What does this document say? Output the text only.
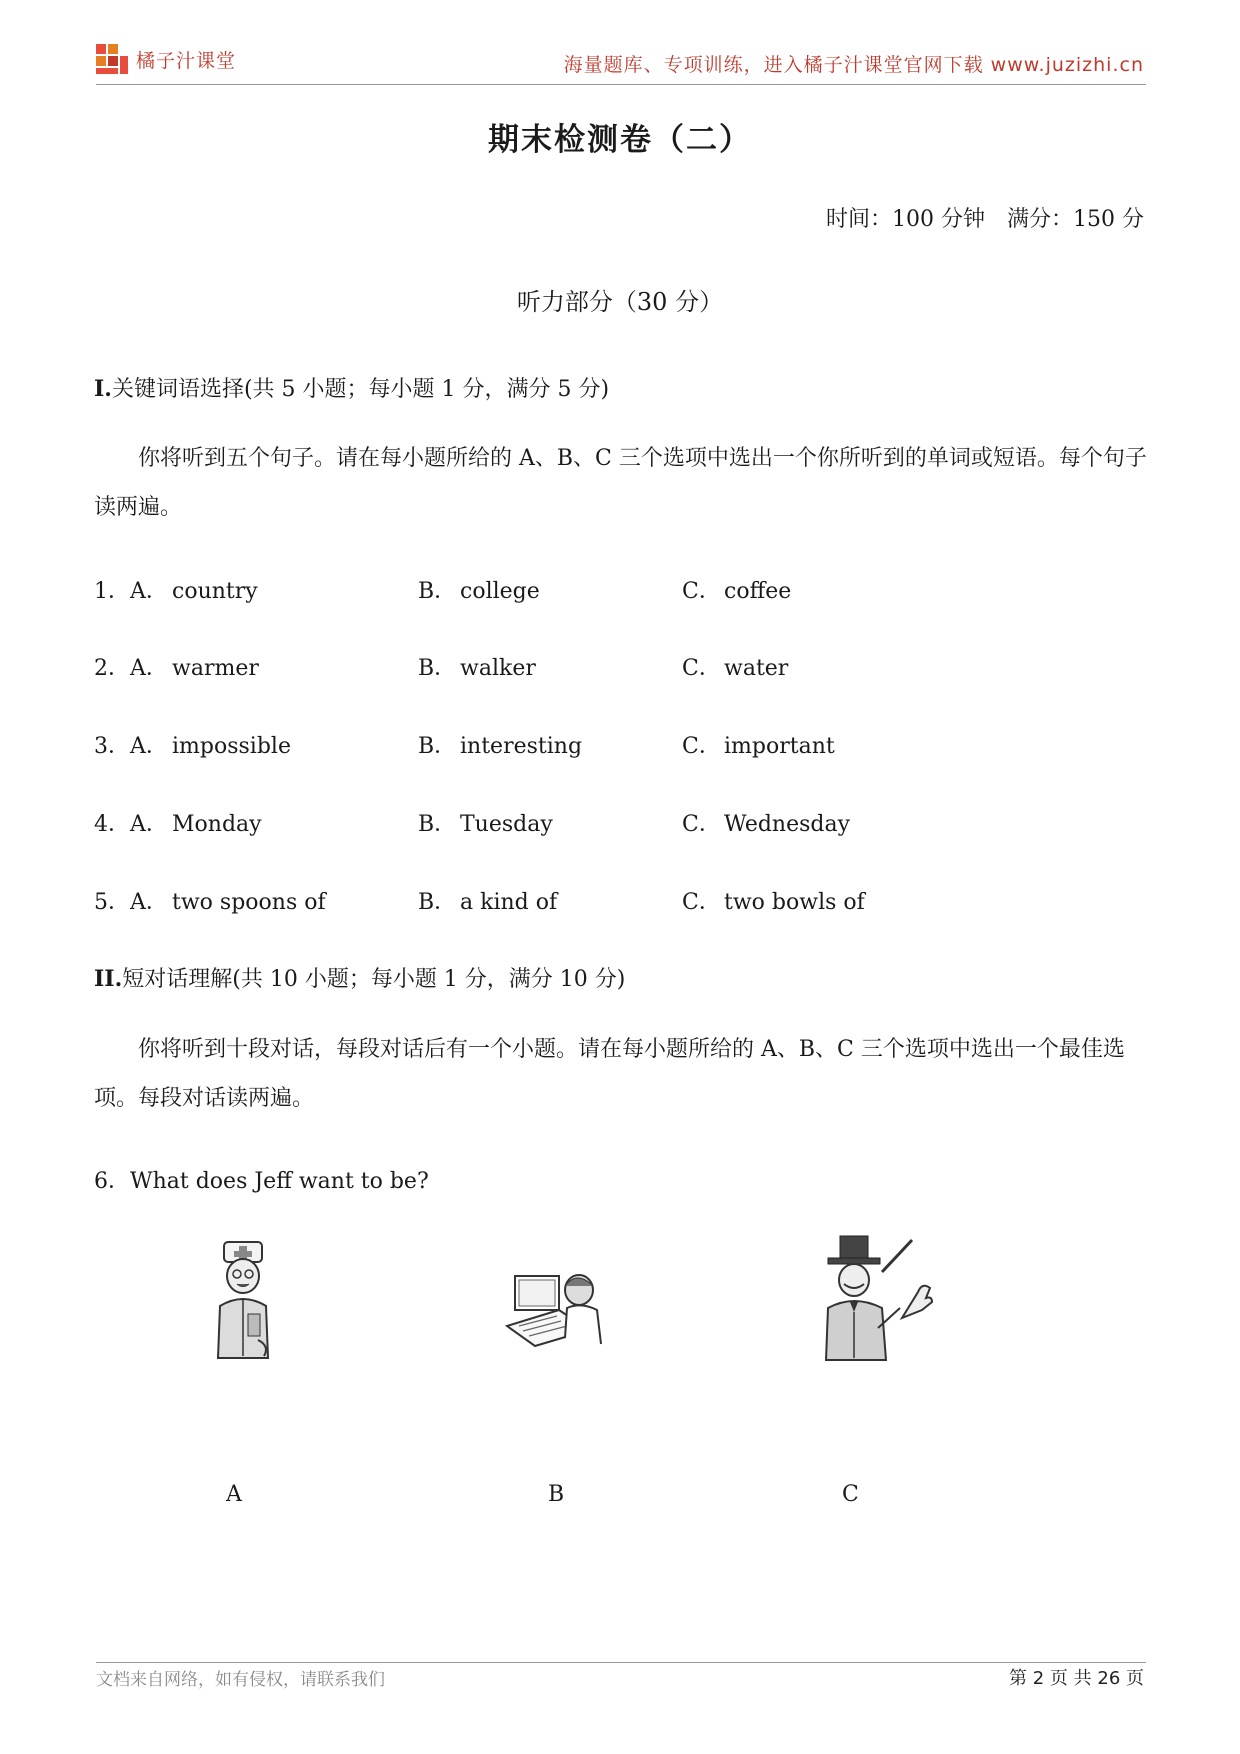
橘子汁课堂	海量题库、专项训练，进入橘子汁课堂官网下载 www.juzizhi.cn
期末检测卷（二）
时间：100 分钟　满分：150 分
听力部分（30 分）
I.关键词语选择(共 5 小题；每小题 1 分，满分 5 分)
你将听到五个句子。请在每小题所给的 A、B、C 三个选项中选出一个你所听到的单词或短语。每个句子读两遍。
1． A． country	B． college	C． coffee
2． A． warmer	B． walker	C． water
3． A． impossible	B． interesting	C． important
4． A． Monday	B． Tuesday	C． Wednesday
5． A． two spoons of	B． a kind of	C． two bowls of
II.短对话理解(共 10 小题；每小题 1 分，满分 10 分)
你将听到十段对话，每段对话后有一个小题。请在每小题所给的 A、B、C 三个选项中选出一个最佳选项。每段对话读两遍。
6．What does Jeff want to be?
A	B	C
文档来自网络，如有侵权，请联系我们	第 2 页 共 26 页
